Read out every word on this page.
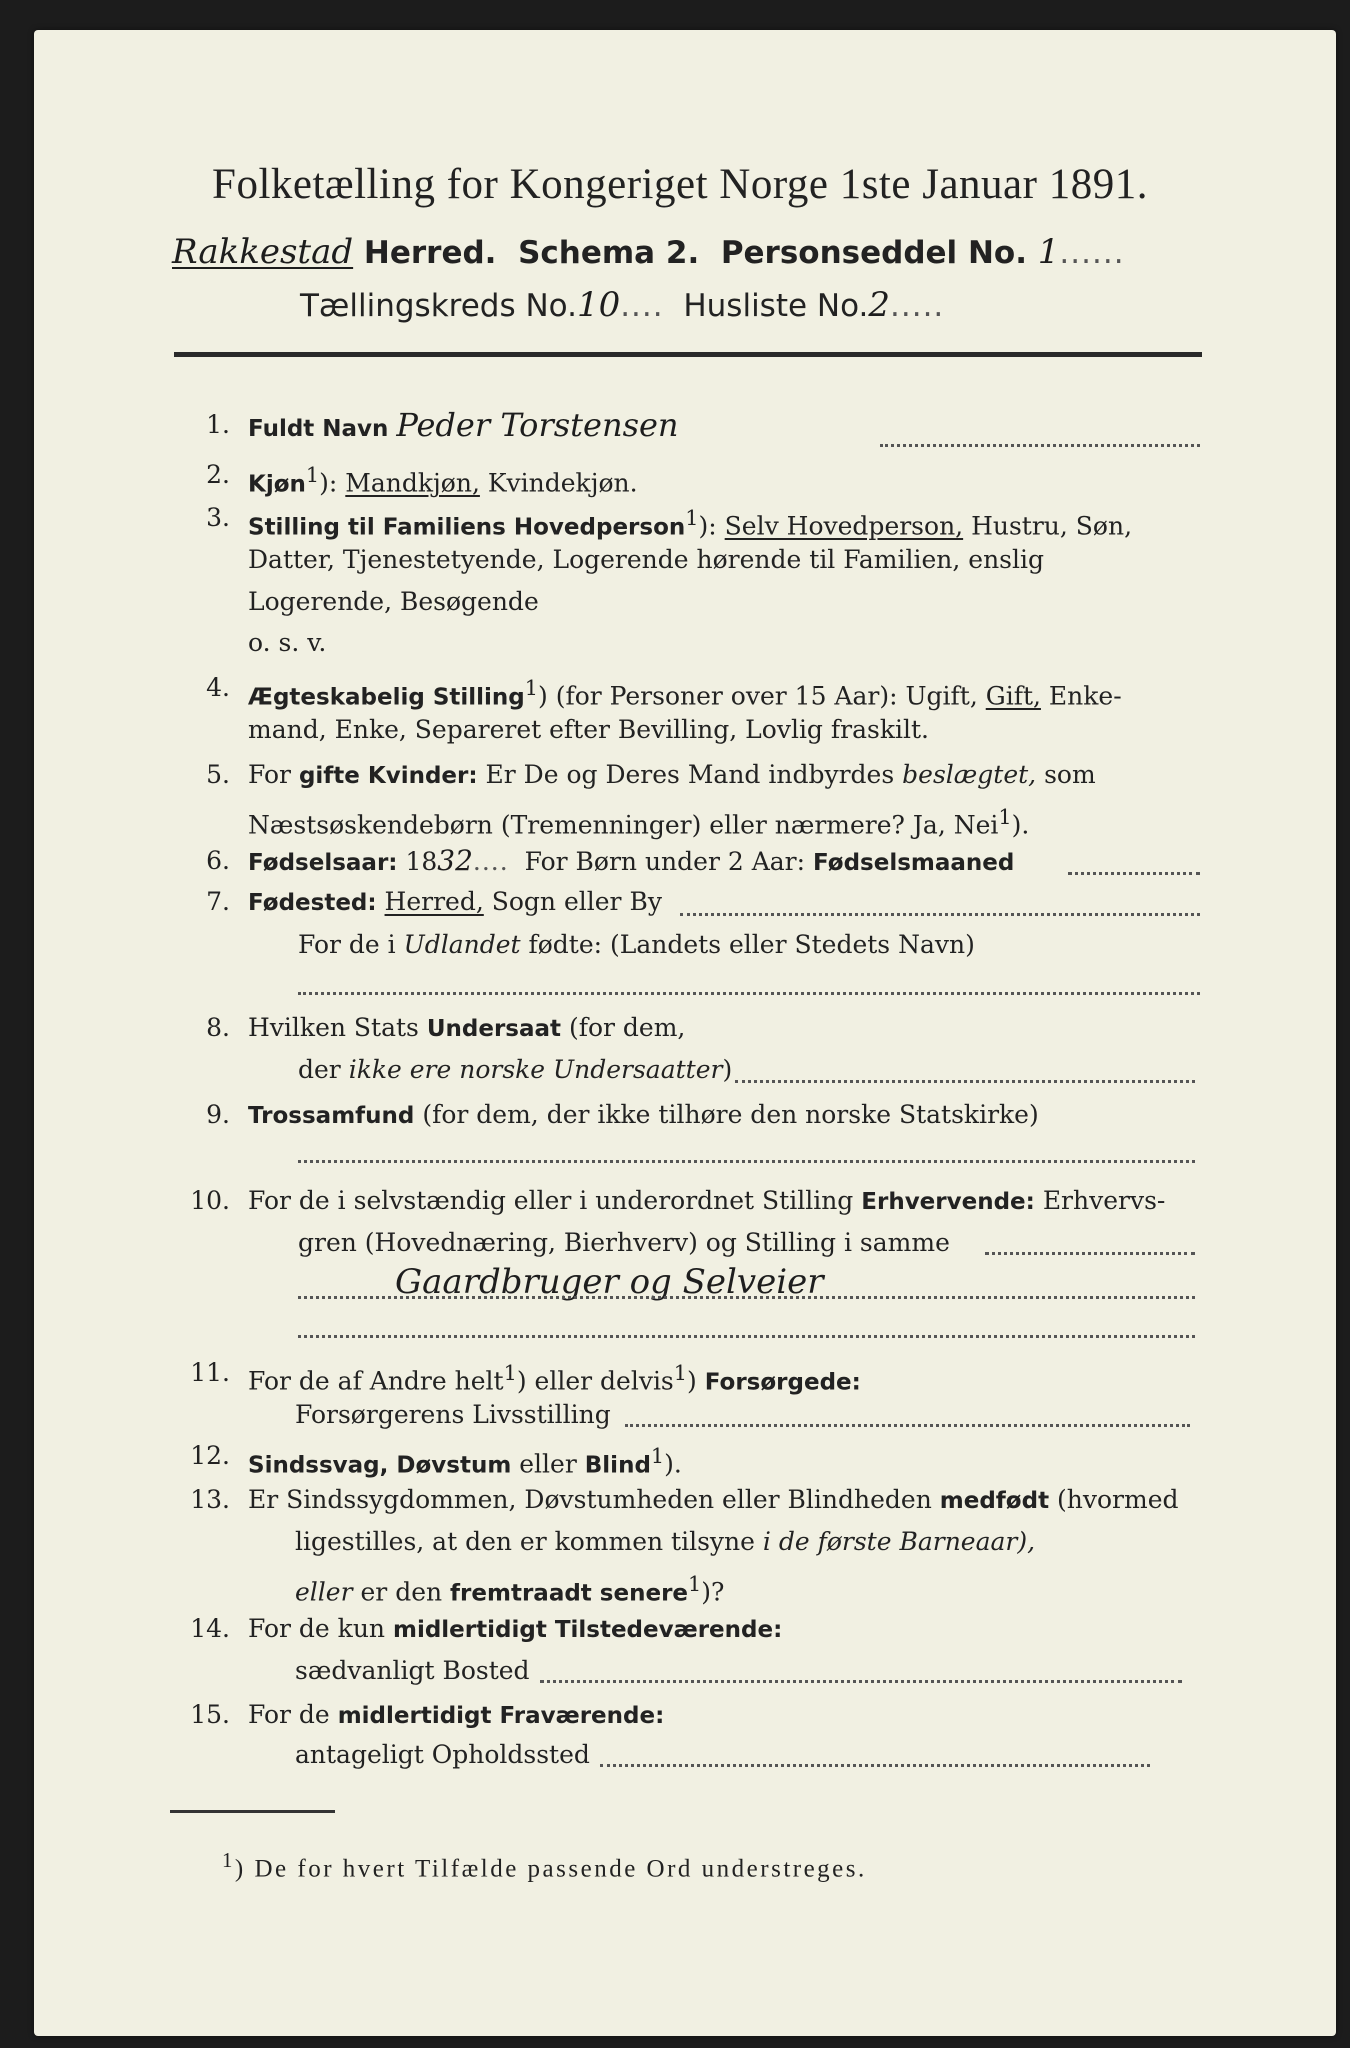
Folketælling for Kongeriget Norge 1ste Januar 1891.
Rakkestad Herred. Schema 2. Personseddel No. 1......
Tællingskreds No.10.... Husliste No.2.....
1. Fuldt Navn Peder Torstensen
2. Kjøn$^1$): Mandkjøn, Kvindekjøn.
3. Stilling til Familiens Hovedperson$^1$): Selv Hovedperson, Hustru, Søn,
Datter, Tjenestetyende, Logerende hørende til Familien, enslig
Logerende, Besøgende
o. s. v.
4. Ægteskabelig Stilling$^1$) (for Personer over 15 Aar): Ugift, Gift, Enke-
mand, Enke, Separeret efter Bevilling, Lovlig fraskilt.
5. For gifte Kvinder: Er De og Deres Mand indbyrdes beslægtet, som
Næstsøskendebørn (Tremenninger) eller nærmere? Ja, Nei$^1$).
6. Fødselsaar: 1832.... For Børn under 2 Aar: Fødselsmaaned
7. Fødested: Herred, Sogn eller By
For de i Udlandet fødte: (Landets eller Stedets Navn)
8. Hvilken Stats Undersaat (for dem,
der ikke ere norske Undersaatter)
9. Trossamfund (for dem, der ikke tilhøre den norske Statskirke)
10. For de i selvstændig eller i underordnet Stilling Erhvervende: Erhvervs-
gren (Hovednæring, Bierhverv) og Stilling i samme
Gaardbruger og Selveier
11. For de af Andre helt$^1$) eller delvis$^1$) Forsørgede:
Forsørgerens Livsstilling
12. Sindssvag, Døvstum eller Blind$^1$).
13. Er Sindssygdommen, Døvstumheden eller Blindheden medfødt (hvormed
ligestilles, at den er kommen tilsyne i de første Barneaar),
eller er den fremtraadt senere$^1$)?
14. For de kun midlertidigt Tilstedeværende:
sædvanligt Bosted
15. For de midlertidigt Fraværende:
antageligt Opholdssted
$^1$) De for hvert Tilfælde passende Ord understreges.
